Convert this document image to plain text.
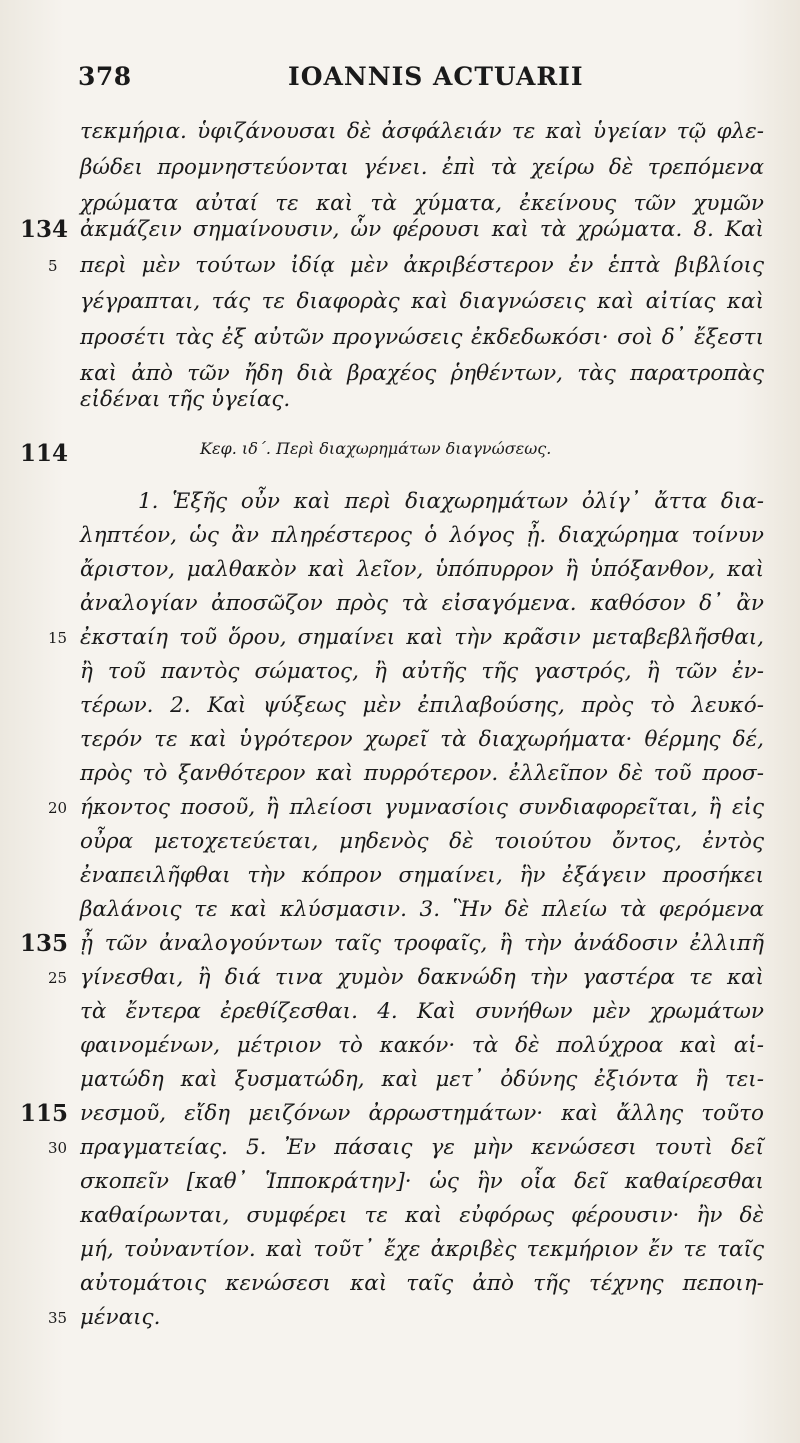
378	IOANNIS ACTUARII
τεκμήρια. ὑφιζάνουσαι δὲ ἀσφάλειάν τε καὶ ὑγείαν τῷ φλε-
βώδει προμνηστεύονται γένει. ἐπὶ τὰ χείρω δὲ τρεπόμενα
χρώματα αὐταί τε καὶ τὰ χύματα, ἐκείνους τῶν χυμῶν
ἀκμάζειν σημαίνουσιν, ὧν φέρουσι καὶ τὰ χρώματα. 8. Καὶ
περὶ μὲν τούτων ἰδίᾳ μὲν ἀκριβέστερον ἐν ἑπτὰ βιβλίοις
γέγραπται, τάς τε διαφορὰς καὶ διαγνώσεις καὶ αἰτίας καὶ
προσέτι τὰς ἐξ αὐτῶν προγνώσεις ἐκδεδωκόσι· σοὶ δ᾽ ἔξεστι
καὶ ἀπὸ τῶν ἤδη διὰ βραχέος ῥηθέντων, τὰς παρατροπὰς
εἰδέναι τῆς ὑγείας.
Κεφ. ιδ΄. Περὶ διαχωρημάτων διαγνώσεως.
1. Ἑξῆς οὖν καὶ περὶ διαχωρημάτων ὀλίγ᾽ ἄττα δια-
ληπτέον, ὡς ἂν πληρέστερος ὁ λόγος ᾖ. διαχώρημα τοίνυν
ἄριστον, μαλθακὸν καὶ λεῖον, ὑπόπυρρον ἢ ὑπόξανθον, καὶ
ἀναλογίαν ἀποσῶζον πρὸς τὰ εἰσαγόμενα. καθόσον δ᾽ ἂν
ἐκσταίη τοῦ ὅρου, σημαίνει καὶ τὴν κρᾶσιν μεταβεβλῆσθαι,
ἢ τοῦ παντὸς σώματος, ἢ αὐτῆς τῆς γαστρός, ἢ τῶν ἐν-
τέρων. 2. Καὶ ψύξεως μὲν ἐπιλαβούσης, πρὸς τὸ λευκό-
τερόν τε καὶ ὑγρότερον χωρεῖ τὰ διαχωρήματα· θέρμης δέ,
πρὸς τὸ ξανθότερον καὶ πυρρότερον. ἐλλεῖπον δὲ τοῦ προσ-
ήκοντος ποσοῦ, ἢ πλείοσι γυμνασίοις συνδιαφορεῖται, ἢ εἰς
οὖρα μετοχετεύεται, μηδενὸς δὲ τοιούτου ὄντος, ἐντὸς
ἐναπειλῆφθαι τὴν κόπρον σημαίνει, ἣν ἐξάγειν προσήκει
βαλάνοις τε καὶ κλύσμασιν. 3. Ἣν δὲ πλείω τὰ φερόμενα
ᾖ τῶν ἀναλογούντων ταῖς τροφαῖς, ἢ τὴν ἀνάδοσιν ἐλλιπῆ
γίνεσθαι, ἢ διά τινα χυμὸν δακνώδη τὴν γαστέρα τε καὶ
τὰ ἔντερα ἐρεθίζεσθαι. 4. Καὶ συνήθων μὲν χρωμάτων
φαινομένων, μέτριον τὸ κακόν· τὰ δὲ πολύχροα καὶ αἱ-
ματώδη καὶ ξυσματώδη, καὶ μετ᾽ ὀδύνης ἐξιόντα ἢ τει-
νεσμοῦ, εἴδη μειζόνων ἀρρωστημάτων· καὶ ἄλλης τοῦτο
πραγματείας. 5. Ἐν πάσαις γε μὴν κενώσεσι τουτὶ δεῖ
σκοπεῖν [καθ᾽ Ἱπποκράτην]· ὡς ἣν οἷα δεῖ καθαίρεσθαι
καθαίρωνται, συμφέρει τε καὶ εὐφόρως φέρουσιν· ἢν δὲ
μή, τοὐναντίον. καὶ τοῦτ᾽ ἔχε ἀκριβὲς τεκμήριον ἔν τε ταῖς
αὐτομάτοις κενώσεσι καὶ ταῖς ἀπὸ τῆς τέχνης πεποιη-
μέναις.
134
114
135
115
5
15
20
25
30
35
